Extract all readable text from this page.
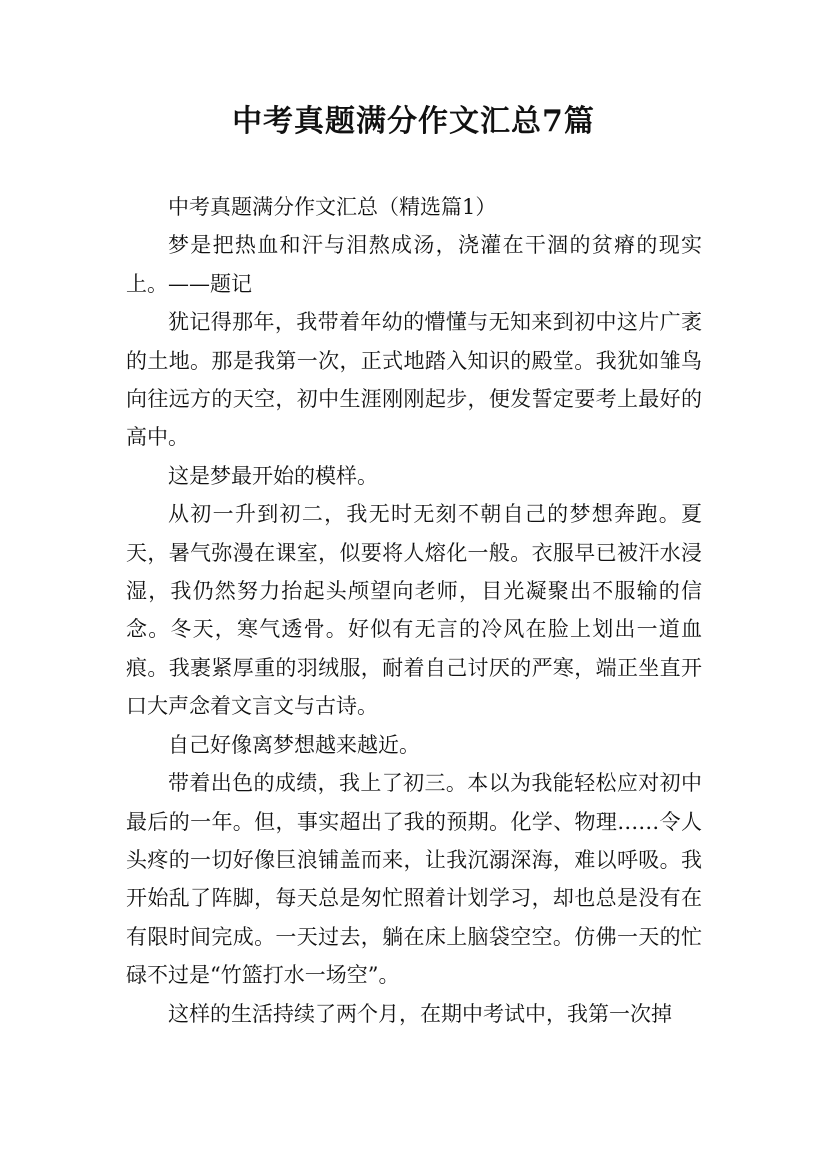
中考真题满分作文汇总7篇

中考真题满分作文汇总（精选篇1）

梦是把热血和汗与泪熬成汤，浇灌在干涸的贫瘠的现实上。——题记

犹记得那年，我带着年幼的懵懂与无知来到初中这片广袤的土地。那是我第一次，正式地踏入知识的殿堂。我犹如雏鸟向往远方的天空，初中生涯刚刚起步，便发誓定要考上最好的高中。

这是梦最开始的模样。

从初一升到初二，我无时无刻不朝自己的梦想奔跑。夏天，暑气弥漫在课室，似要将人熔化一般。衣服早已被汗水浸湿，我仍然努力抬起头颅望向老师，目光凝聚出不服输的信念。冬天，寒气透骨。好似有无言的冷风在脸上划出一道血痕。我裹紧厚重的羽绒服，耐着自己讨厌的严寒，端正坐直开口大声念着文言文与古诗。

自己好像离梦想越来越近。

带着出色的成绩，我上了初三。本以为我能轻松应对初中最后的一年。但，事实超出了我的预期。化学、物理……令人头疼的一切好像巨浪铺盖而来，让我沉溺深海，难以呼吸。我开始乱了阵脚，每天总是匆忙照着计划学习，却也总是没有在有限时间完成。一天过去，躺在床上脑袋空空。仿佛一天的忙碌不过是“竹篮打水一场空”。

这样的生活持续了两个月，在期中考试中，我第一次掉
